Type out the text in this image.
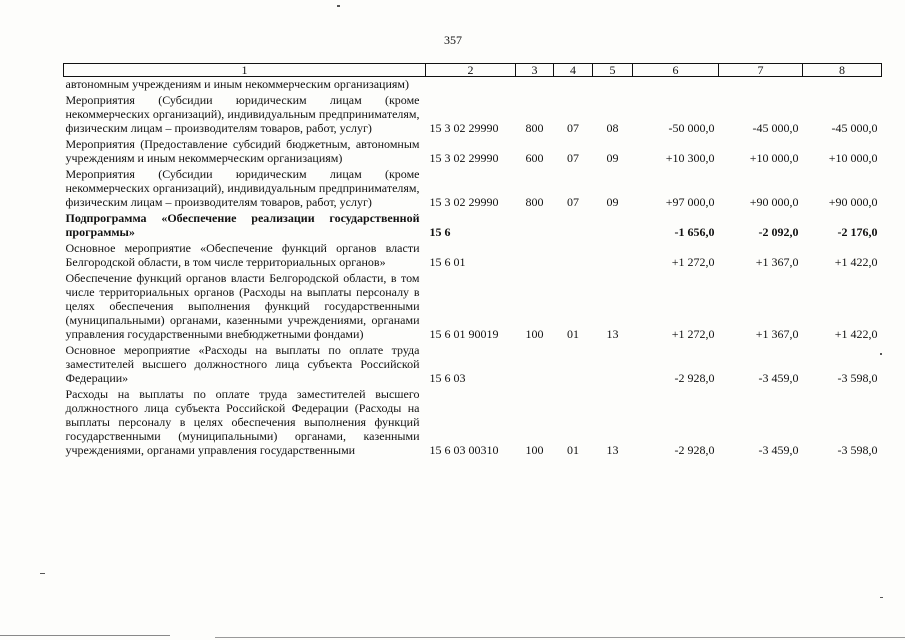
357
1	2	3	4	5	6	7	8
автономным учреждениям и иным некоммерческим организациям)							
Мероприятия (Субсидии юридическим лицам (кроме некоммерческих организаций), индивидуальным предпринимателям, физическим лицам – производителям товаров, работ, услуг)	15 3 02 29990	800	07	08	-50 000,0	-45 000,0	-45 000,0
Мероприятия (Предоставление субсидий бюджетным, автономным учреждениям и иным некоммерческим организациям)	15 3 02 29990	600	07	09	+10 300,0	+10 000,0	+10 000,0
Мероприятия (Субсидии юридическим лицам (кроме некоммерческих организаций), индивидуальным предпринимателям, физическим лицам – производителям товаров, работ, услуг)	15 3 02 29990	800	07	09	+97 000,0	+90 000,0	+90 000,0
Подпрограмма «Обеспечение реализации государственной программы»	15 6				-1 656,0	-2 092,0	-2 176,0
Основное мероприятие «Обеспечение функций органов власти Белгородской области, в том числе территориальных органов»	15 6 01				+1 272,0	+1 367,0	+1 422,0
Обеспечение функций органов власти Белгородской области, в том числе территориальных органов (Расходы на выплаты персоналу в целях обеспечения выполнения функций государственными (муниципальными) органами, казенными учреждениями, органами управления государственными внебюджетными фондами)	15 6 01 90019	100	01	13	+1 272,0	+1 367,0	+1 422,0
Основное мероприятие «Расходы на выплаты по оплате труда заместителей высшего должностного лица субъекта Российской Федерации»	15 6 03				-2 928,0	-3 459,0	-3 598,0
Расходы на выплаты по оплате труда заместителей высшего должностного лица субъекта Российской Федерации (Расходы на выплаты персоналу в целях обеспечения выполнения функций государственными (муниципальными) органами, казенными учреждениями, органами управления государственными	15 6 03 00310	100	01	13	-2 928,0	-3 459,0	-3 598,0
